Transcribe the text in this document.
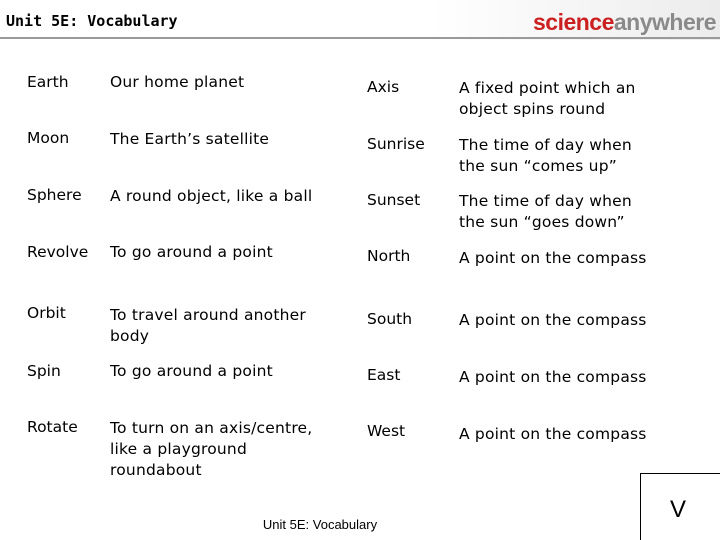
Unit 5E: Vocabulary	scienceanywhere
Earth	Our home planet
Moon	The Earth’s satellite
Sphere A round object, like a ball
Revolve To go around a point
Orbit	To travel around another body
Spin	To go around a point
Rotate To turn on an axis/centre, like a playground roundabout
Axis	A fixed point which an object spins round
Sunrise The time of day when the sun “comes up”
Sunset	The time of day when the sun “goes down”
North	A point on the compass
South	A point on the compass
East	A point on the compass
West	A point on the compass
Unit 5E: Vocabulary
V
